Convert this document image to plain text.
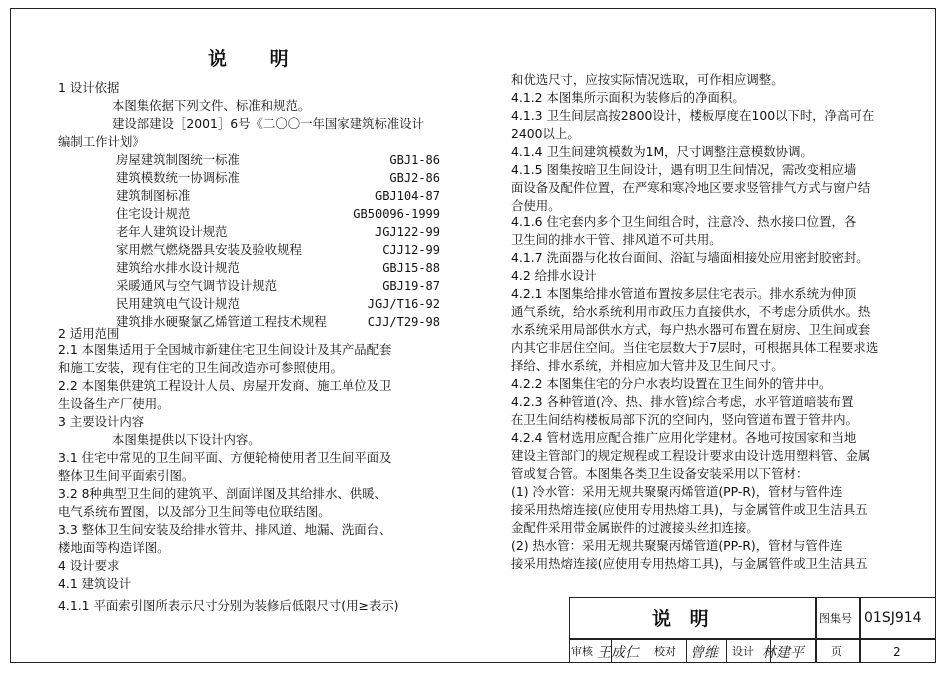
说 明
1 设计依据
本图集依据下列文件、标准和规范。
建设部建设［2001］6号《二〇〇一年国家建筑标准设计
编制工作计划》
2 适用范围
2.1 本图集适用于全国城市新建住宅卫生间设计及其产品配套
和施工安装，现有住宅的卫生间改造亦可参照使用。
2.2 本图集供建筑工程设计人员、房屋开发商、施工单位及卫
生设备生产厂使用。
3 主要设计内容
本图集提供以下设计内容。
3.1 住宅中常见的卫生间平面、方便轮椅使用者卫生间平面及
整体卫生间平面索引图。
3.2 8种典型卫生间的建筑平、剖面详图及其给排水、供暖、
电气系统布置图，以及部分卫生间等电位联结图。
3.3 整体卫生间安装及给排水管井、排风道、地漏、洗面台、
楼地面等构造详图。
4 设计要求
4.1 建筑设计
4.1.1 平面索引图所表示尺寸分别为装修后低限尺寸(用≥表示)
房屋建筑制图统一标准	GBJ1-86
建筑模数统一协调标准	GBJ2-86
建筑制图标准	GBJ104-87
住宅设计规范	GB50096-1999
老年人建筑设计规范	JGJ122-99
家用燃气燃烧器具安装及验收规程	CJJ12-99
建筑给水排水设计规范	GBJ15-88
采暖通风与空气调节设计规范	GBJ19-87
民用建筑电气设计规范	JGJ/T16-92
建筑排水硬聚氯乙烯管道工程技术规程	CJJ/T29-98
和优选尺寸，应按实际情况选取，可作相应调整。
4.1.2 本图集所示面积为装修后的净面积。
4.1.3 卫生间层高按2800设计，楼板厚度在100以下时，净高可在
2400以上。
4.1.4 卫生间建筑模数为1M，尺寸调整注意模数协调。
4.1.5 图集按暗卫生间设计，遇有明卫生间情况，需改变相应墙
面设备及配件位置，在严寒和寒冷地区要求竖管排气方式与窗户结
合使用。
4.1.6 住宅套内多个卫生间组合时，注意冷、热水接口位置，各
卫生间的排水干管、排风道不可共用。
4.1.7 洗面器与化妆台面间、浴缸与墙面相接处应用密封胶密封。
4.2 给排水设计
4.2.1 本图集给排水管道布置按多层住宅表示。排水系统为伸顶
通气系统，给水系统利用市政压力直接供水，不考虑分质供水。热
水系统采用局部供水方式，每户热水器可布置在厨房、卫生间或套
内其它非居住空间。当住宅层数大于7层时，可根据具体工程要求选
择给、排水系统，并相应加大管井及卫生间尺寸。
4.2.2 本图集住宅的分户水表均设置在卫生间外的管井中。
4.2.3 各种管道(冷、热、排水管)综合考虑，水平管道暗装布置
在卫生间结构楼板局部下沉的空间内，竖向管道布置于管井内。
4.2.4 管材选用应配合推广应用化学建材。各地可按国家和当地
建设主管部门的规定规程或工程设计要求由设计选用塑料管、金属
管或复合管。本图集各类卫生设备安装采用以下管材：
(1) 冷水管：采用无规共聚聚丙烯管道(PP-R)，管材与管件连
接采用热熔连接(应使用专用热熔工具)，与金属管件或卫生洁具五
金配件采用带金属嵌件的过渡接头丝扣连接。
(2) 热水管：采用无规共聚聚丙烯管道(PP-R)，管材与管件连
接采用热熔连接(应使用专用热熔工具)，与金属管件或卫生洁具五
说 明	图集号 01SJ914
审核 王成仁 校对 曾维 设计 林建平 页	2
